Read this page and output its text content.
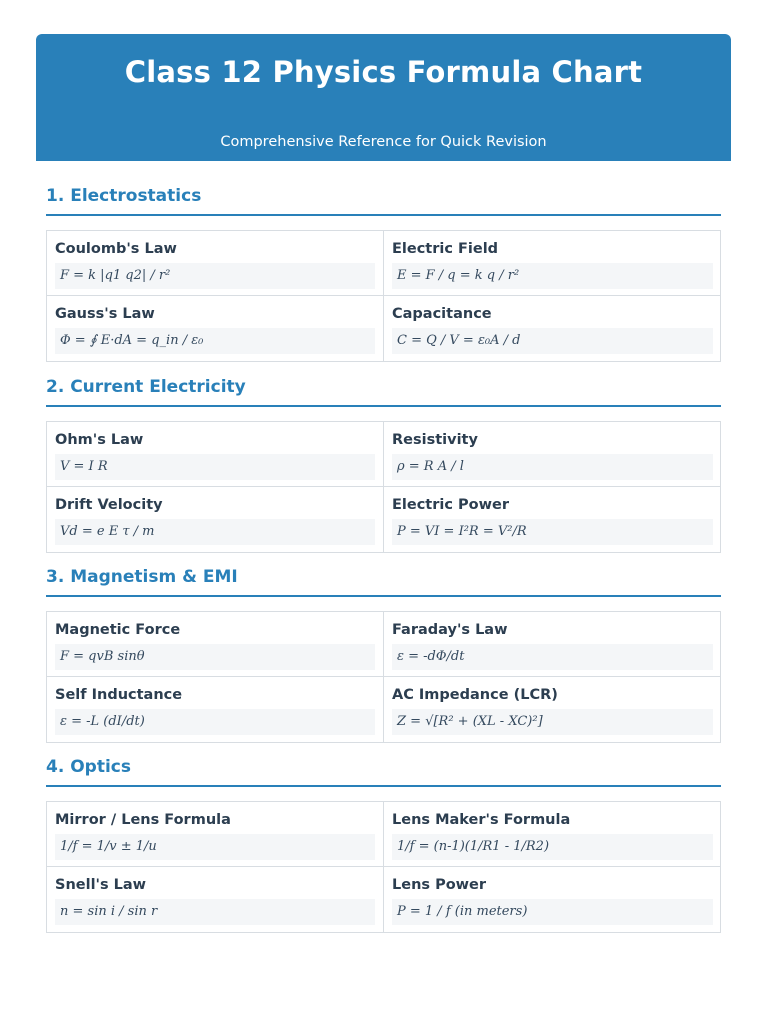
Class 12 Physics Formula Chart
Comprehensive Reference for Quick Revision
1. Electrostatics
Coulomb's Law
F = k |q1 q2| / r²
Electric Field
E = F / q = k q / r²
Gauss's Law
Φ = ∮ E·dA = q_in / ε₀
Capacitance
C = Q / V = ε₀A / d
2. Current Electricity
Ohm's Law
V = I R
Resistivity
ρ = R A / l
Drift Velocity
Vd = e E τ / m
Electric Power
P = VI = I²R = V²/R
3. Magnetism & EMI
Magnetic Force
F = qvB sinθ
Faraday's Law
ε = -dΦ/dt
Self Inductance
ε = -L (dI/dt)
AC Impedance (LCR)
Z = √[R² + (XL - XC)²]
4. Optics
Mirror / Lens Formula
1/f = 1/v ± 1/u
Lens Maker's Formula
1/f = (n-1)(1/R1 - 1/R2)
Snell's Law
n = sin i / sin r
Lens Power
P = 1 / f (in meters)
